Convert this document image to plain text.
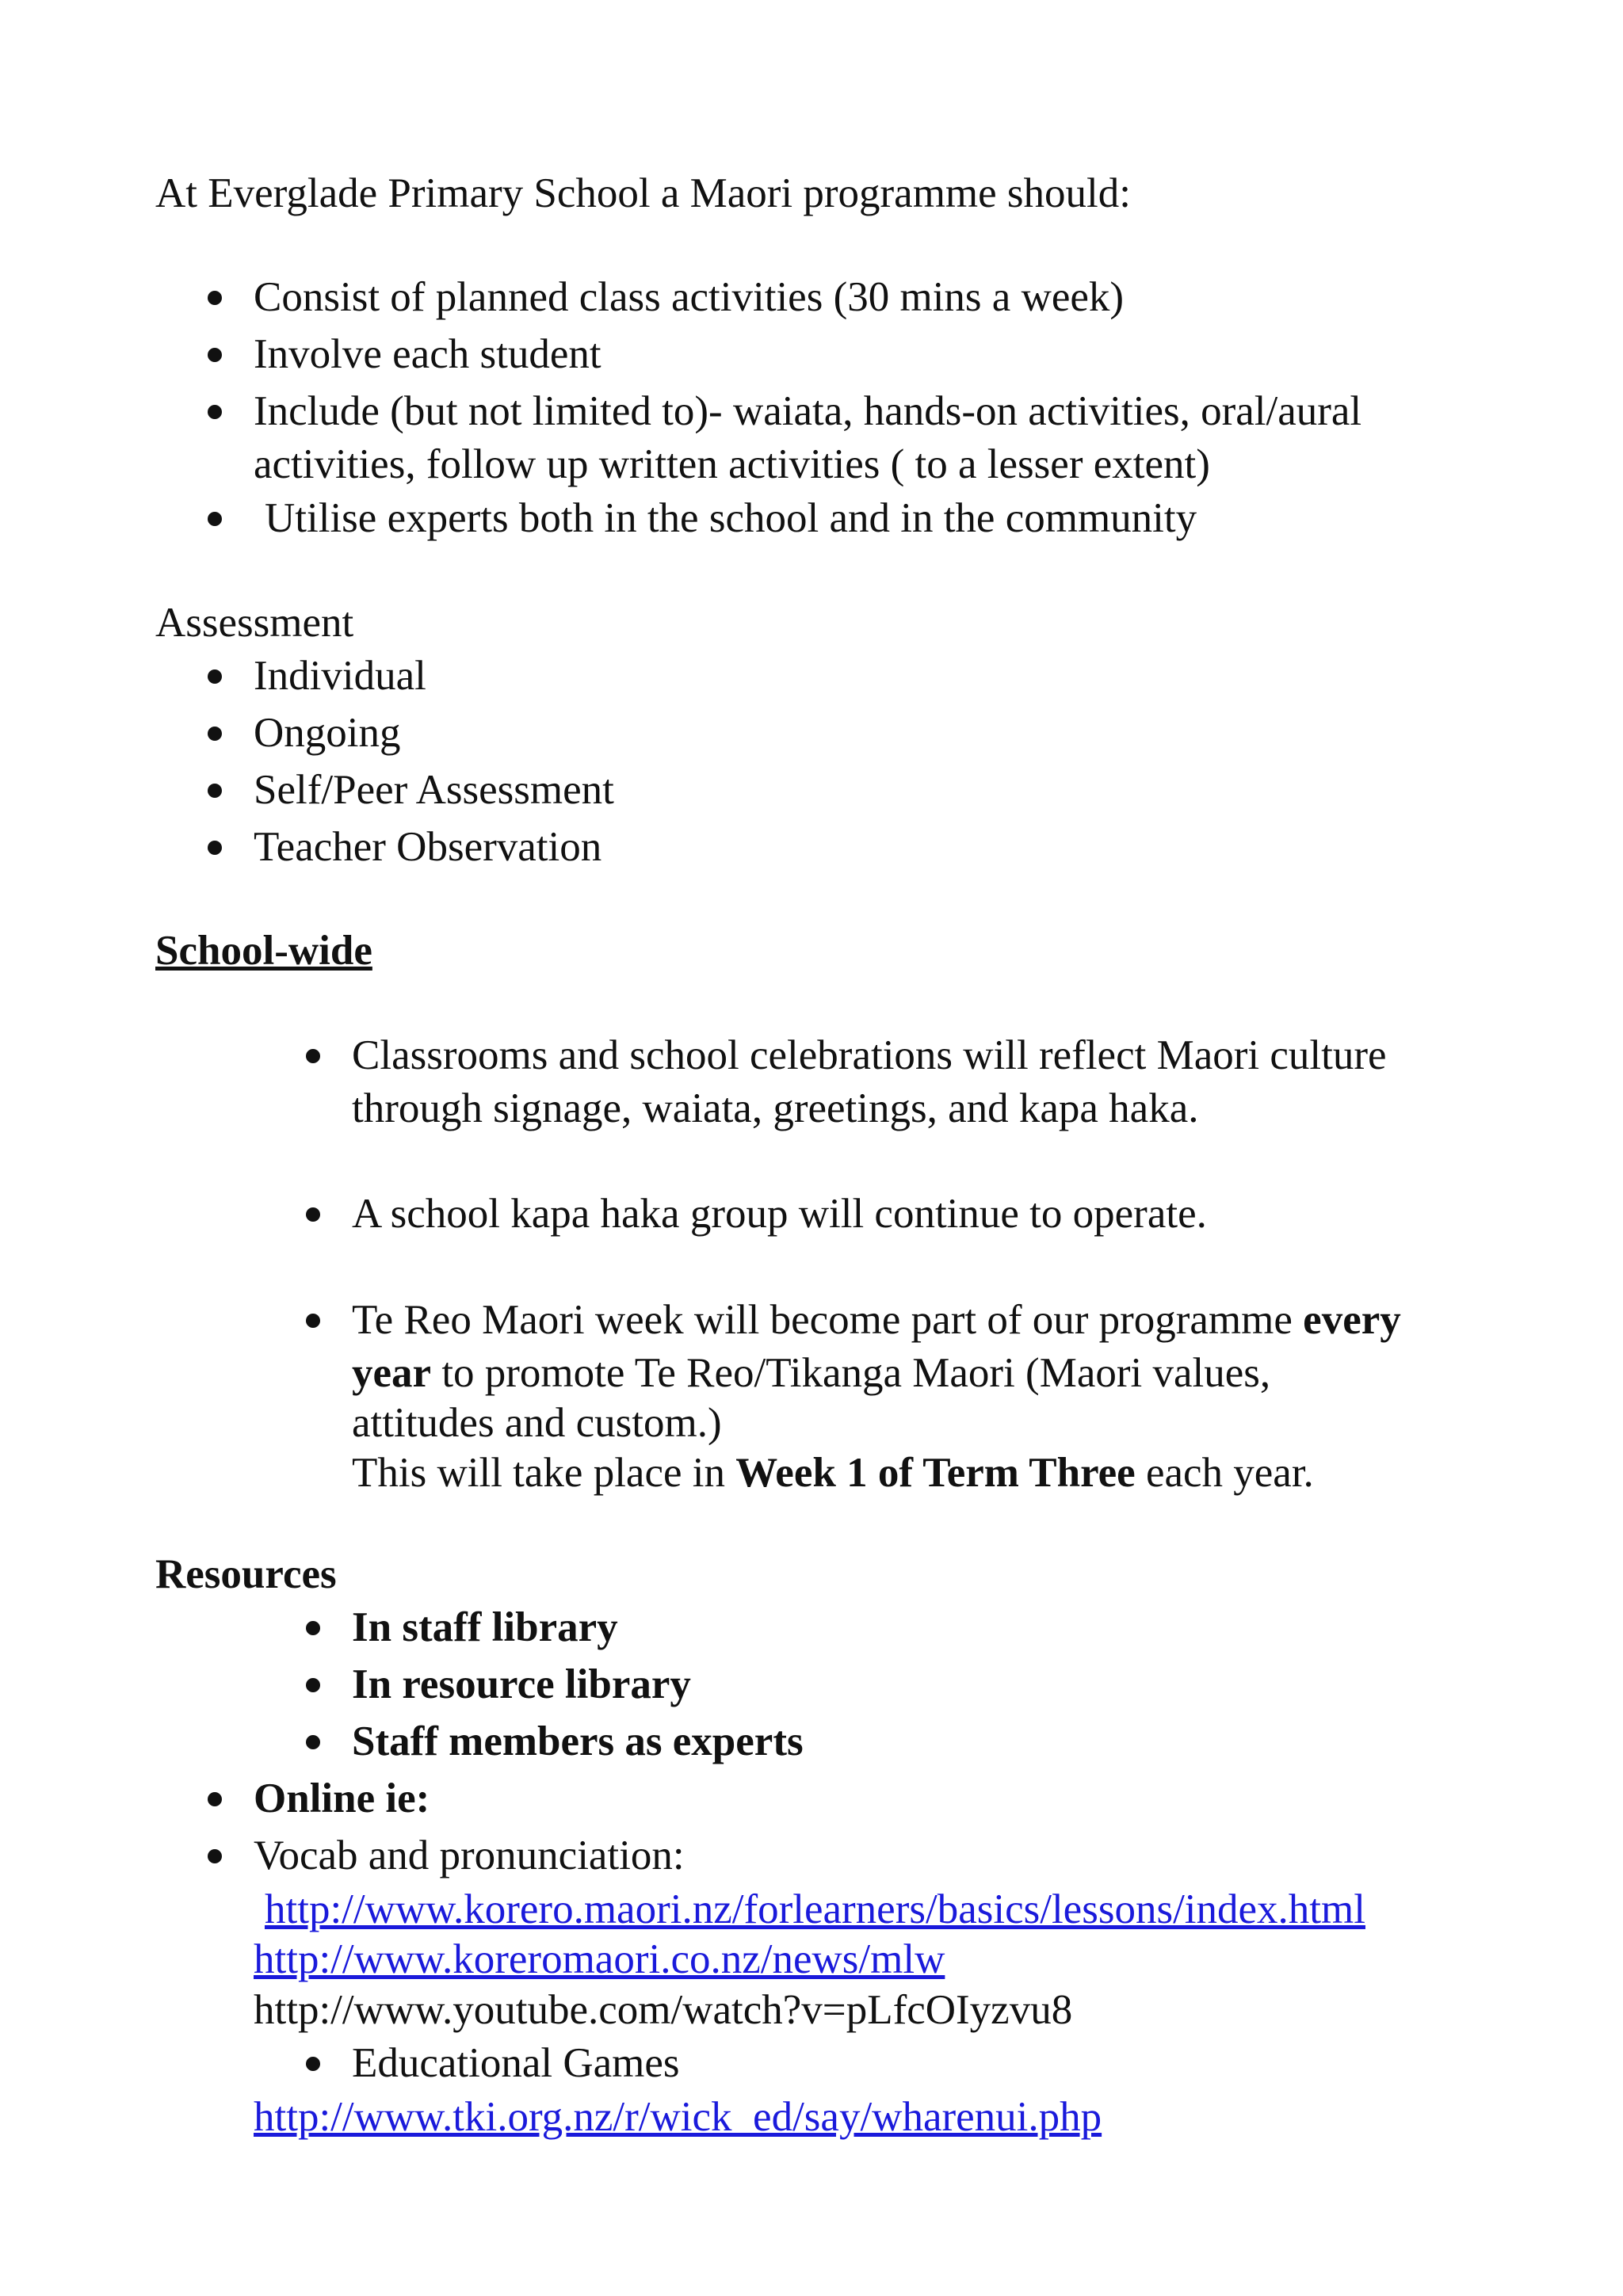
At Everglade Primary School a Maori programme should:

Consist of planned class activities (30 mins a week)

Involve each student

Include (but not limited to)- waiata, hands-on activities, oral/aural

activities, follow up written activities ( to a lesser extent)

Utilise experts both in the school and in the community

Assessment

Individual

Ongoing

Self/Peer Assessment

Teacher Observation

School-wide

Classrooms and school celebrations will reflect Maori culture

through signage, waiata, greetings, and kapa haka.

A school kapa haka group will continue to operate.

Te Reo Maori week will become part of our programme every

year to promote Te Reo/Tikanga Maori (Maori values,

attitudes and custom.)

This will take place in Week 1 of Term Three each year.

Resources

In staff library

In resource library

Staff members as experts

Online ie:

Vocab and pronunciation:

http://www.korero.maori.nz/forlearners/basics/lessons/index.html
http://www.koreromaori.co.nz/news/mlw

http://www.youtube.com/watch?v=pLfcOIyzvu8

Educational Games

http://www.tki.org.nz/r/wick_ed/say/wharenui.php
